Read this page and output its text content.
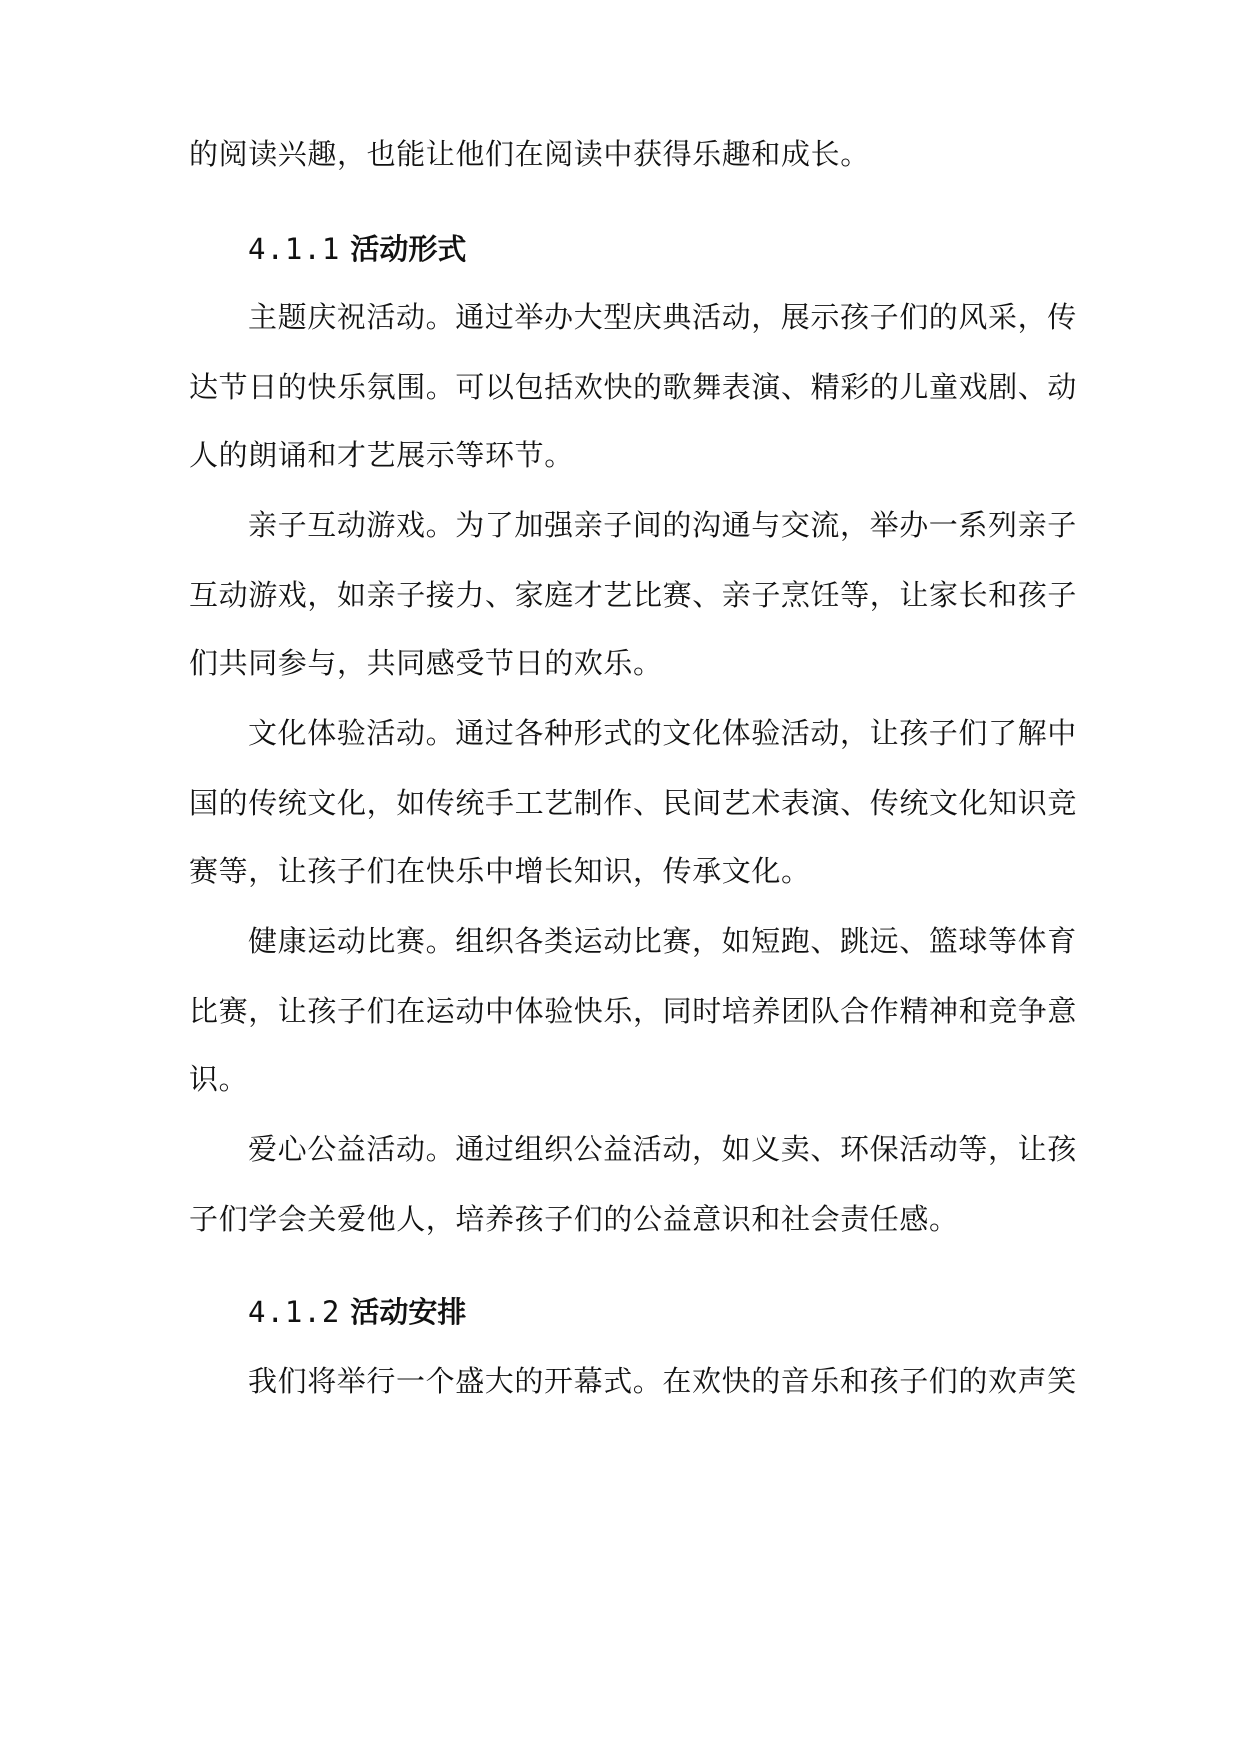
的阅读兴趣，也能让他们在阅读中获得乐趣和成长。
4.1.1 活动形式
主题庆祝活动。通过举办大型庆典活动，展示孩子们的风采，传
达节日的快乐氛围。可以包括欢快的歌舞表演、精彩的儿童戏剧、动
人的朗诵和才艺展示等环节。
亲子互动游戏。为了加强亲子间的沟通与交流，举办一系列亲子
互动游戏，如亲子接力、家庭才艺比赛、亲子烹饪等，让家长和孩子
们共同参与，共同感受节日的欢乐。
文化体验活动。通过各种形式的文化体验活动，让孩子们了解中
国的传统文化，如传统手工艺制作、民间艺术表演、传统文化知识竞
赛等，让孩子们在快乐中增长知识，传承文化。
健康运动比赛。组织各类运动比赛，如短跑、跳远、篮球等体育
比赛，让孩子们在运动中体验快乐，同时培养团队合作精神和竞争意
识。
爱心公益活动。通过组织公益活动，如义卖、环保活动等，让孩
子们学会关爱他人，培养孩子们的公益意识和社会责任感。
4.1.2 活动安排
我们将举行一个盛大的开幕式。在欢快的音乐和孩子们的欢声笑
